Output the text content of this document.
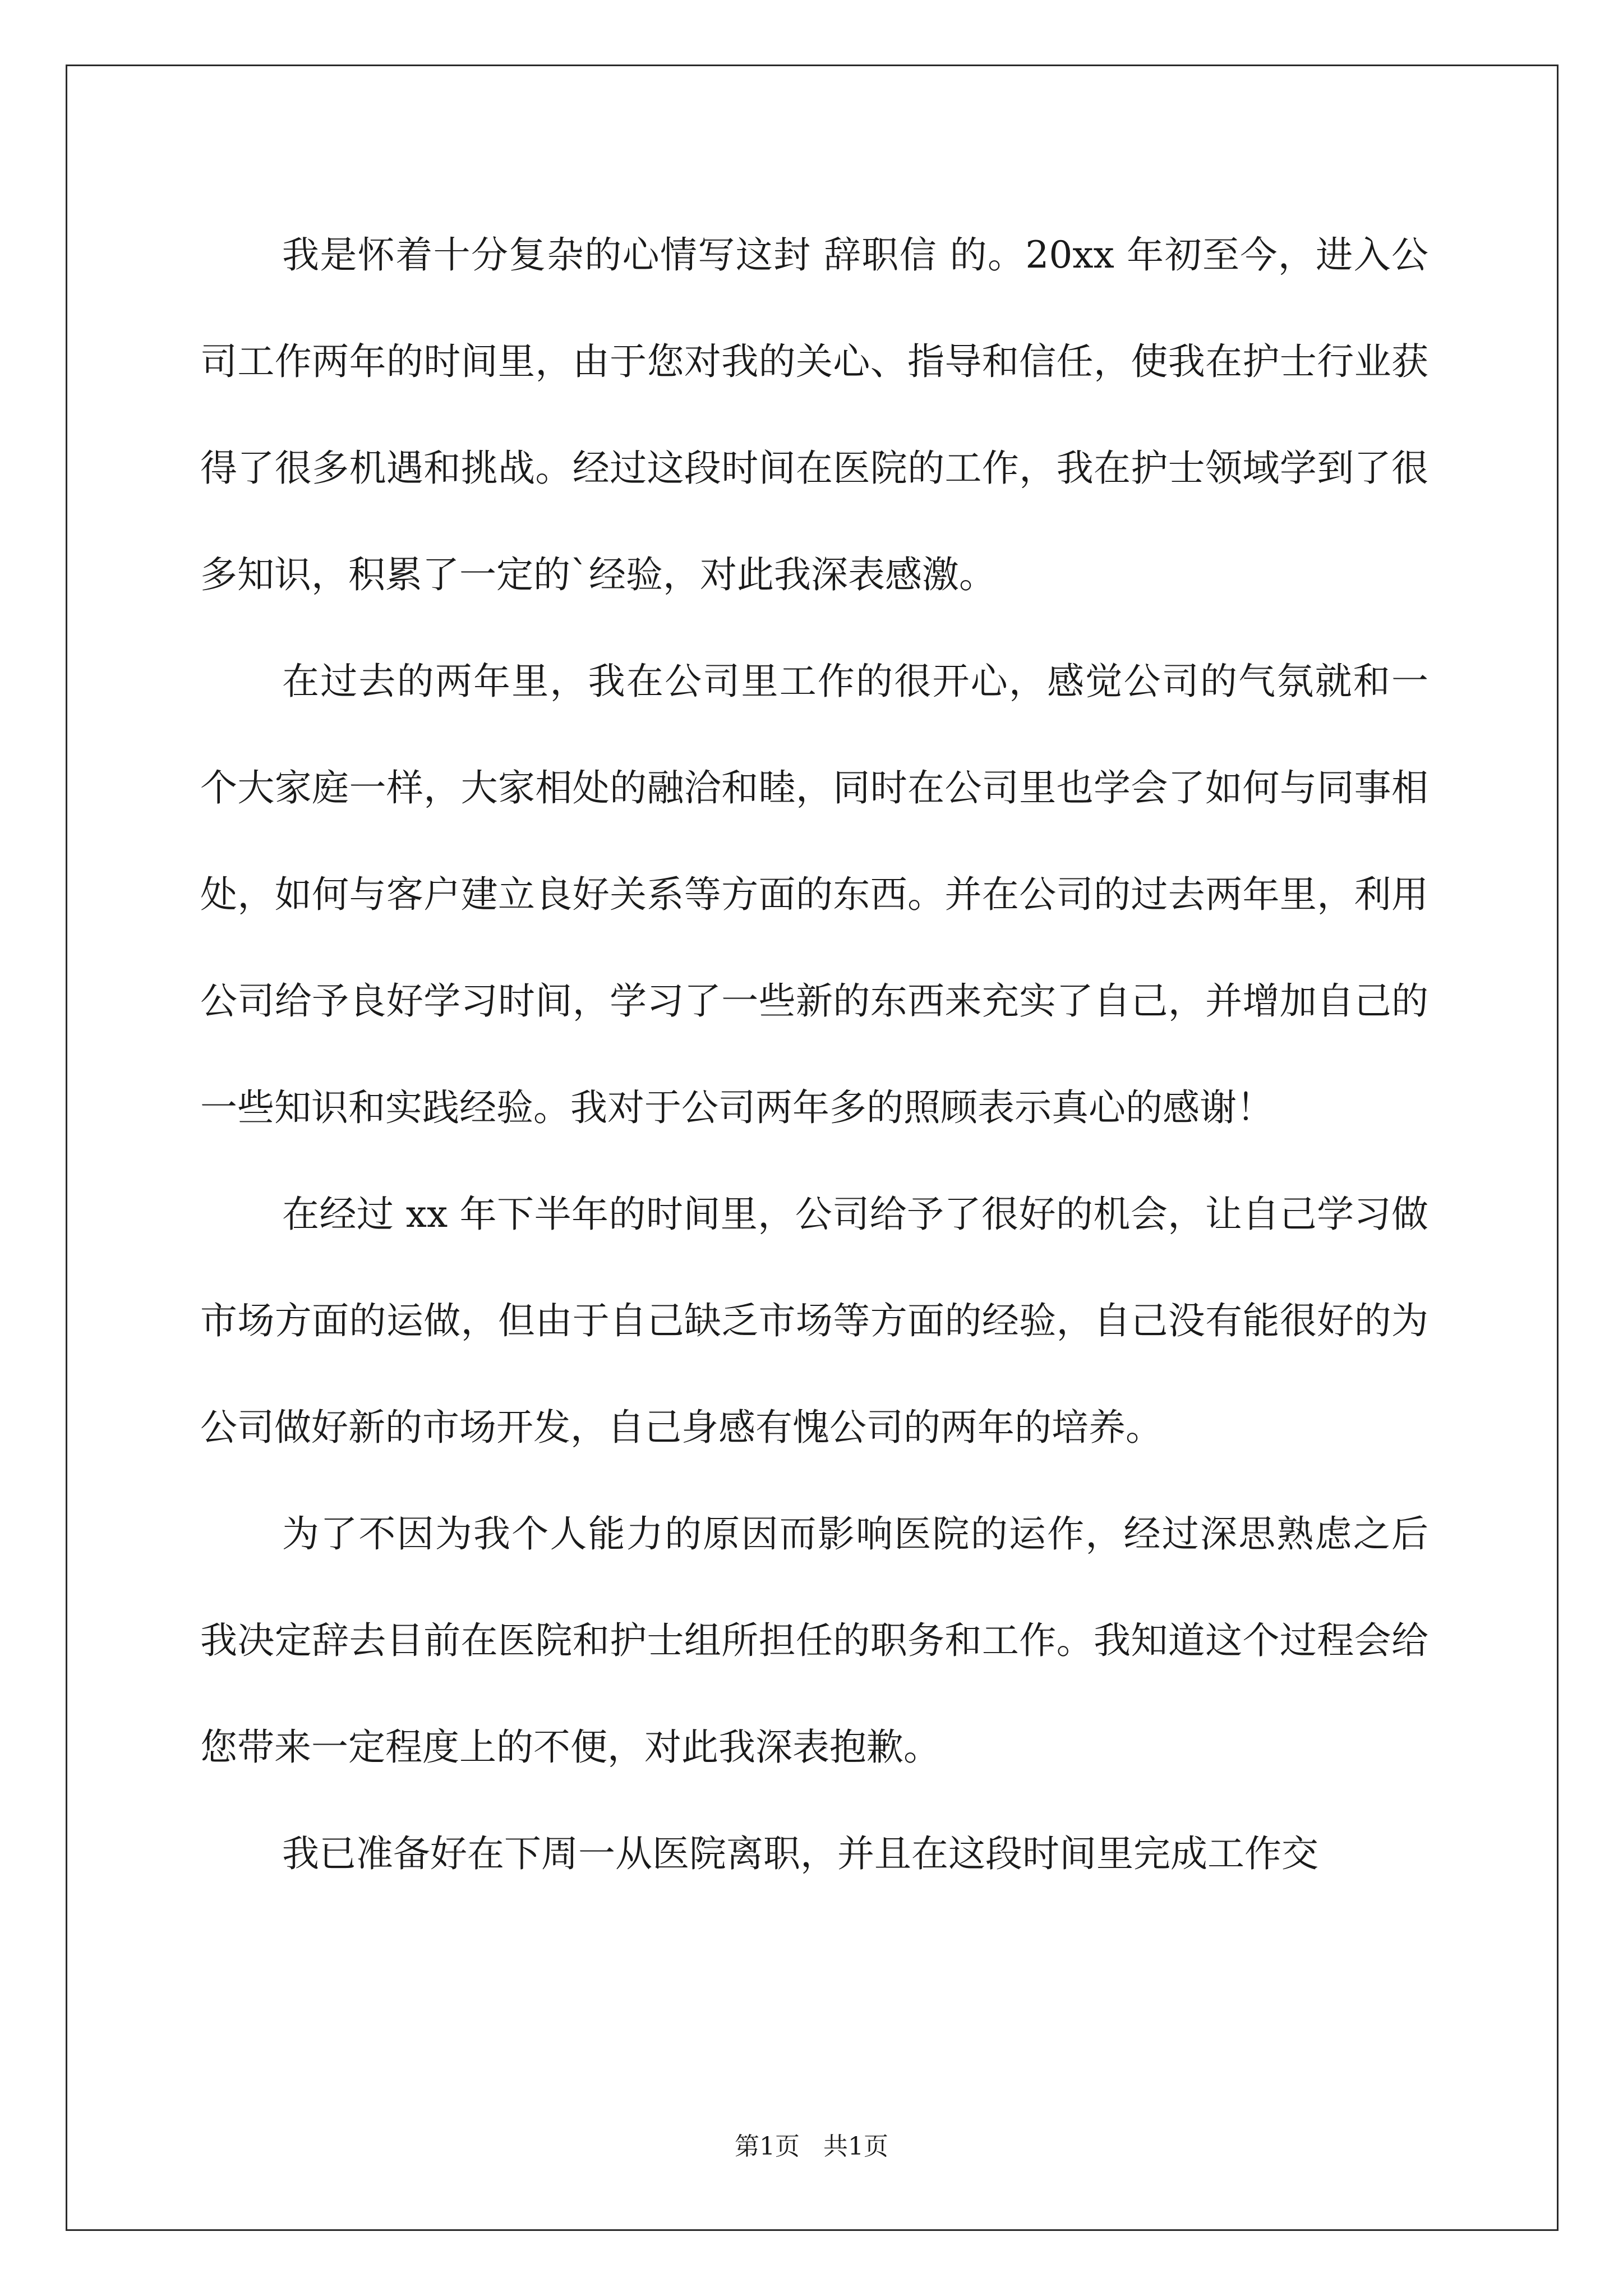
我是怀着十分复杂的心情写这封 辞职信 的。20xx 年初至今，进入公司工作两年的时间里，由于您对我的关心、指导和信任，使我在护士行业获得了很多机遇和挑战。经过这段时间在医院的工作，我在护士领域学到了很多知识，积累了一定的`经验，对此我深表感激。

在过去的两年里，我在公司里工作的很开心，感觉公司的气氛就和一个大家庭一样，大家相处的融洽和睦，同时在公司里也学会了如何与同事相处，如何与客户建立良好关系等方面的东西。并在公司的过去两年里，利用公司给予良好学习时间，学习了一些新的东西来充实了自己，并增加自己的一些知识和实践经验。我对于公司两年多的照顾表示真心的感谢！

在经过 xx 年下半年的时间里，公司给予了很好的机会，让自己学习做市场方面的运做，但由于自己缺乏市场等方面的经验，自己没有能很好的为公司做好新的市场开发，自己身感有愧公司的两年的培养。

为了不因为我个人能力的原因而影响医院的运作，经过深思熟虑之后我决定辞去目前在医院和护士组所担任的职务和工作。我知道这个过程会给您带来一定程度上的不便，对此我深表抱歉。

我已准备好在下周一从医院离职，并且在这段时间里完成工作交

第1页   共1页
